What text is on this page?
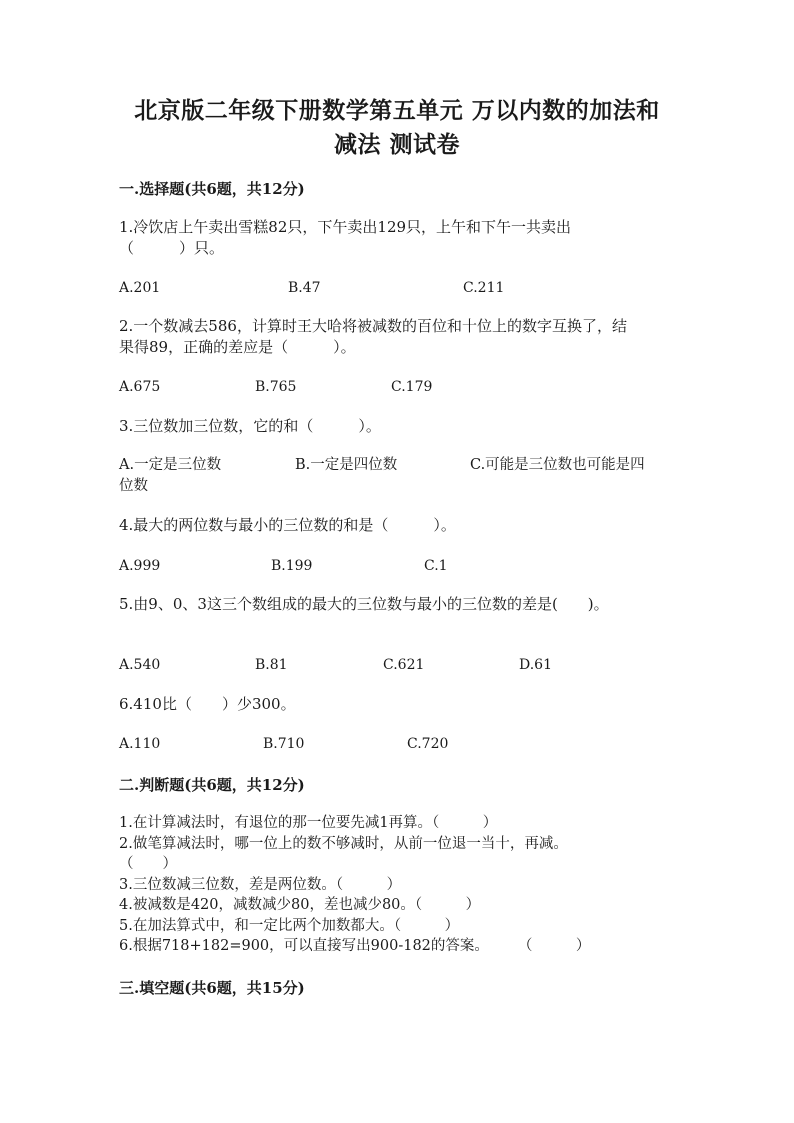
北京版二年级下册数学第五单元 万以内数的加法和
减法 测试卷
一.选择题(共6题，共12分)
1.冷饮店上午卖出雪糕82只，下午卖出129只，上午和下午一共卖出
（　　　）只。
A.201	B.47	C.211
2.一个数减去586，计算时王大哈将被减数的百位和十位上的数字互换了，结
果得89，正确的差应是（　　　）。
A.675	B.765	C.179
3.三位数加三位数，它的和（　　　）。
A.一定是三位数	B.一定是四位数	C.可能是三位数也可能是四
位数
4.最大的两位数与最小的三位数的和是（　　　）。
A.999	B.199	C.1
5.由9、0、3这三个数组成的最大的三位数与最小的三位数的差是(　　)。
A.540	B.81	C.621	D.61
6.410比（　　）少300。
A.110	B.710	C.720
二.判断题(共6题，共12分)
1.在计算减法时，有退位的那一位要先减1再算。（　　　）
2.做笔算减法时，哪一位上的数不够减时，从前一位退一当十，再减。
（　　）
3.三位数减三位数，差是两位数。（　　　）
4.被减数是420，减数减少80，差也减少80。（　　　）
5.在加法算式中，和一定比两个加数都大。（　　　）
6.根据718+182=900，可以直接写出900-182的答案。　　　（　　　）
三.填空题(共6题，共15分)
